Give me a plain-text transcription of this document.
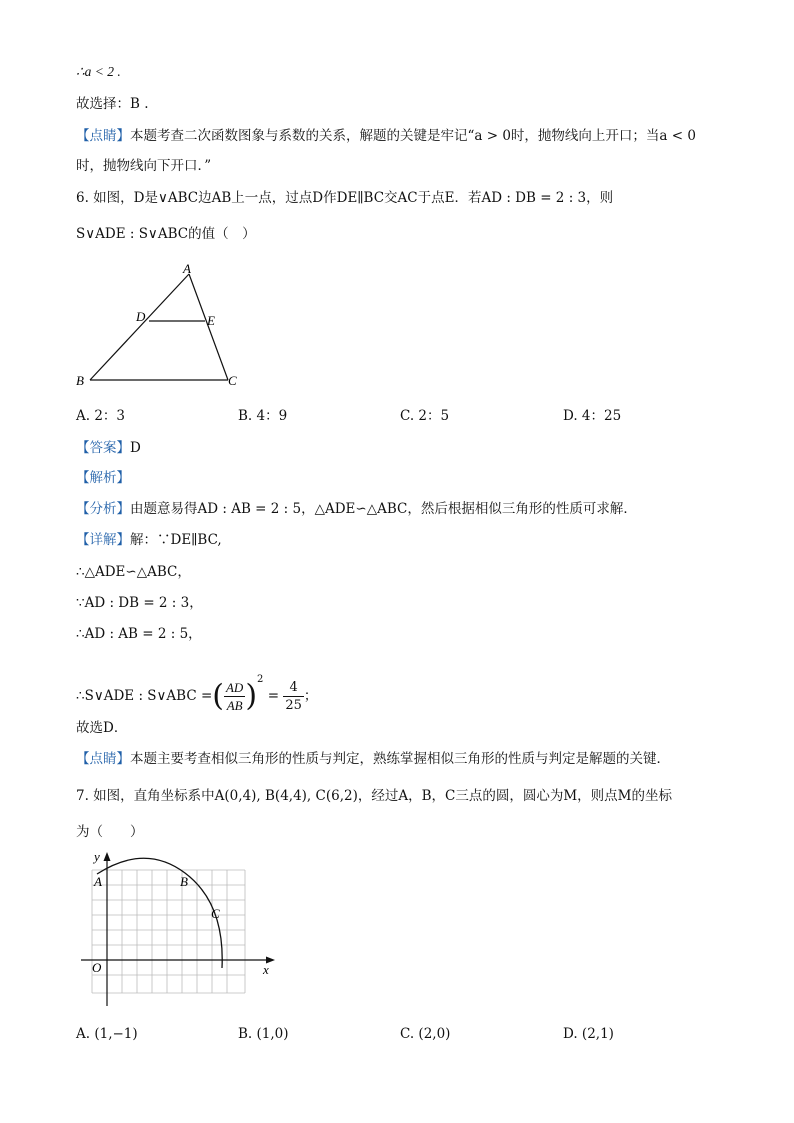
∴a < 2 .
故选择：B .
【点睛】本题考查二次函数图象与系数的关系，解题的关键是牢记“a > 0时，抛物线向上开口；当a < 0
时，抛物线向下开口．”
6. 如图，D是∨ABC边AB上一点，过点D作DE∥BC交AC于点E．若AD : DB = 2 : 3，则
S∨ADE : S∨ABC的值（　）
A
D	E
B	C
A. 2：3	B. 4：9	C. 2：5	D. 4：25
【答案】D
【解析】
【分析】由题意易得AD : AB = 2 : 5，△ADE∽△ABC，然后根据相似三角形的性质可求解．
【详解】解：∵DE∥BC,
∴△ADE∽△ABC，
∵AD : DB = 2 : 3，
∴AD : AB = 2 : 5，
∴S∨ADE : S∨ABC =( $\frac{AD}{AB} )^2 = \frac{4}{25}$ ；
故选D．
【点睛】本题主要考查相似三角形的性质与判定，熟练掌握相似三角形的性质与判定是解题的关键．
7. 如图，直角坐标系中A(0,4), B(4,4), C(6,2)，经过A，B，C三点的圆，圆心为M，则点M的坐标
为（　　）
y
x
O
A	B
C
A. (1,−1)	B. (1,0)	C. (2,0)	D. (2,1)
